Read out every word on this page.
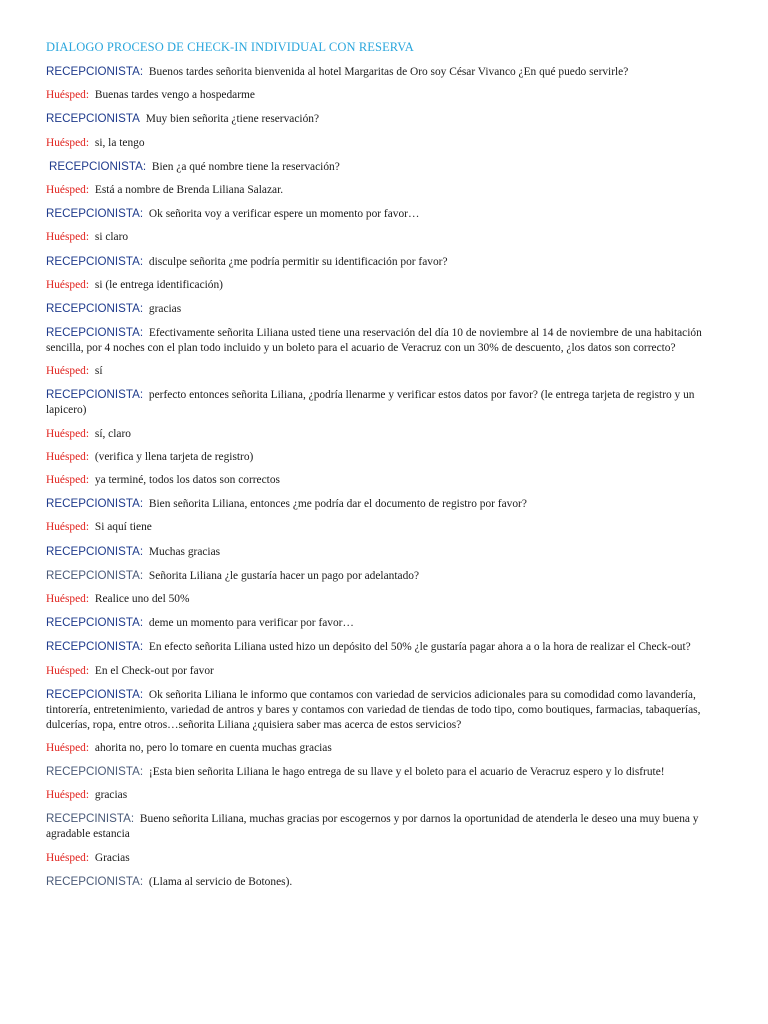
DIALOGO PROCESO DE CHECK-IN INDIVIDUAL CON RESERVA
RECEPCIONISTA: Buenos tardes señorita bienvenida al hotel Margaritas de Oro soy César Vivanco ¿En qué puedo servirle?
Huésped: Buenas tardes vengo a hospedarme
RECEPCIONISTA Muy bien señorita ¿tiene reservación?
Huésped: si, la tengo
RECEPCIONISTA: Bien ¿a qué nombre tiene la reservación?
Huésped: Está a nombre de Brenda Liliana Salazar.
RECEPCIONISTA: Ok señorita voy a verificar espere un momento por favor…
Huésped: si claro
RECEPCIONISTA: disculpe señorita ¿me podría permitir su identificación por favor?
Huésped: si (le entrega identificación)
RECEPCIONISTA: gracias
RECEPCIONISTA: Efectivamente señorita Liliana usted tiene una reservación del día 10 de noviembre al 14 de noviembre de una habitación sencilla, por 4 noches con el plan todo incluido y un boleto para el acuario de Veracruz con un 30% de descuento, ¿los datos son correcto?
Huésped: sí
RECEPCIONISTA: perfecto entonces señorita Liliana, ¿podría llenarme y verificar estos datos por favor? (le entrega tarjeta de registro y un lapicero)
Huésped: sí, claro
Huésped: (verifica y llena tarjeta de registro)
Huésped: ya terminé, todos los datos son correctos
RECEPCIONISTA: Bien señorita Liliana, entonces ¿me podría dar el documento de registro por favor?
Huésped: Si aquí tiene
RECEPCIONISTA: Muchas gracias
RECEPCIONISTA: Señorita Liliana ¿le gustaría hacer un pago por adelantado?
Huésped: Realice uno del 50%
RECEPCIONISTA: deme un momento para verificar por favor…
RECEPCIONISTA: En efecto señorita Liliana usted hizo un depósito del 50% ¿le gustaría pagar ahora a o la hora de realizar el Check-out?
Huésped: En el Check-out por favor
RECEPCIONISTA: Ok señorita Liliana le informo que contamos con variedad de servicios adicionales para su comodidad como lavandería, tintorería, entretenimiento, variedad de antros y bares y contamos con variedad de tiendas de todo tipo, como boutiques, farmacias, tabaquerías, dulcerías, ropa, entre otros…señorita Liliana ¿quisiera saber mas acerca de estos servicios?
Huésped: ahorita no, pero lo tomare en cuenta muchas gracias
RECEPCIONISTA: ¡Esta bien señorita Liliana le hago entrega de su llave y el boleto para el acuario de Veracruz espero y lo disfrute!
Huésped: gracias
RECEPCINISTA: Bueno señorita Liliana, muchas gracias por escogernos y por darnos la oportunidad de atenderla le deseo una muy buena y agradable estancia
Huésped: Gracias
RECEPCIONISTA: (Llama al servicio de Botones).
